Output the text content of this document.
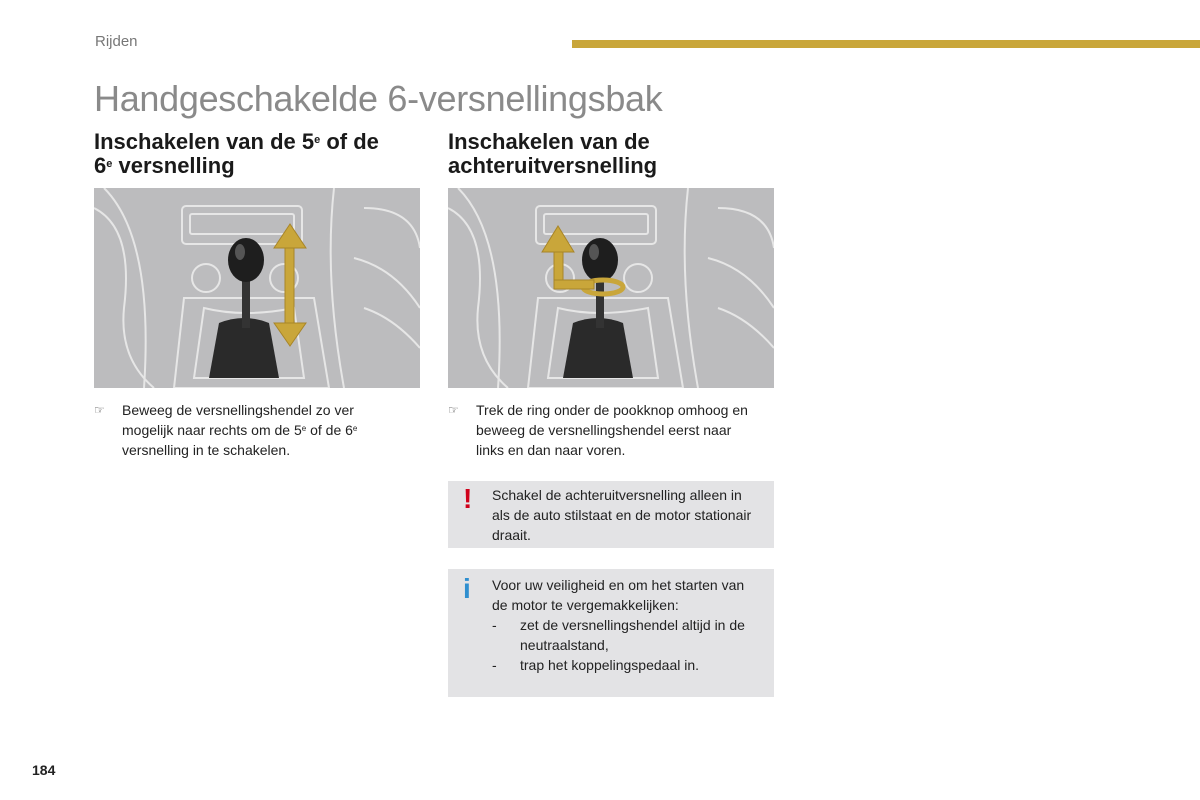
Rijden
Handgeschakelde 6-versnellingsbak
Inschakelen van de 5e of de
6e versnelling
☞	Beweeg de versnellingshendel zo ver mogelijk naar rechts om de 5e of de 6e versnelling in te schakelen.
Inschakelen van de
achteruitversnelling
☞	Trek de ring onder de pookknop omhoog en beweeg de versnellingshendel eerst naar links en dan naar voren.
! Schakel de achteruitversnelling alleen in als de auto stilstaat en de motor stationair draait.
i Voor uw veiligheid en om het starten van de motor te vergemakkelijken:
- zet de versnellingshendel altijd in de neutraalstand,
- trap het koppelingspedaal in.
184
